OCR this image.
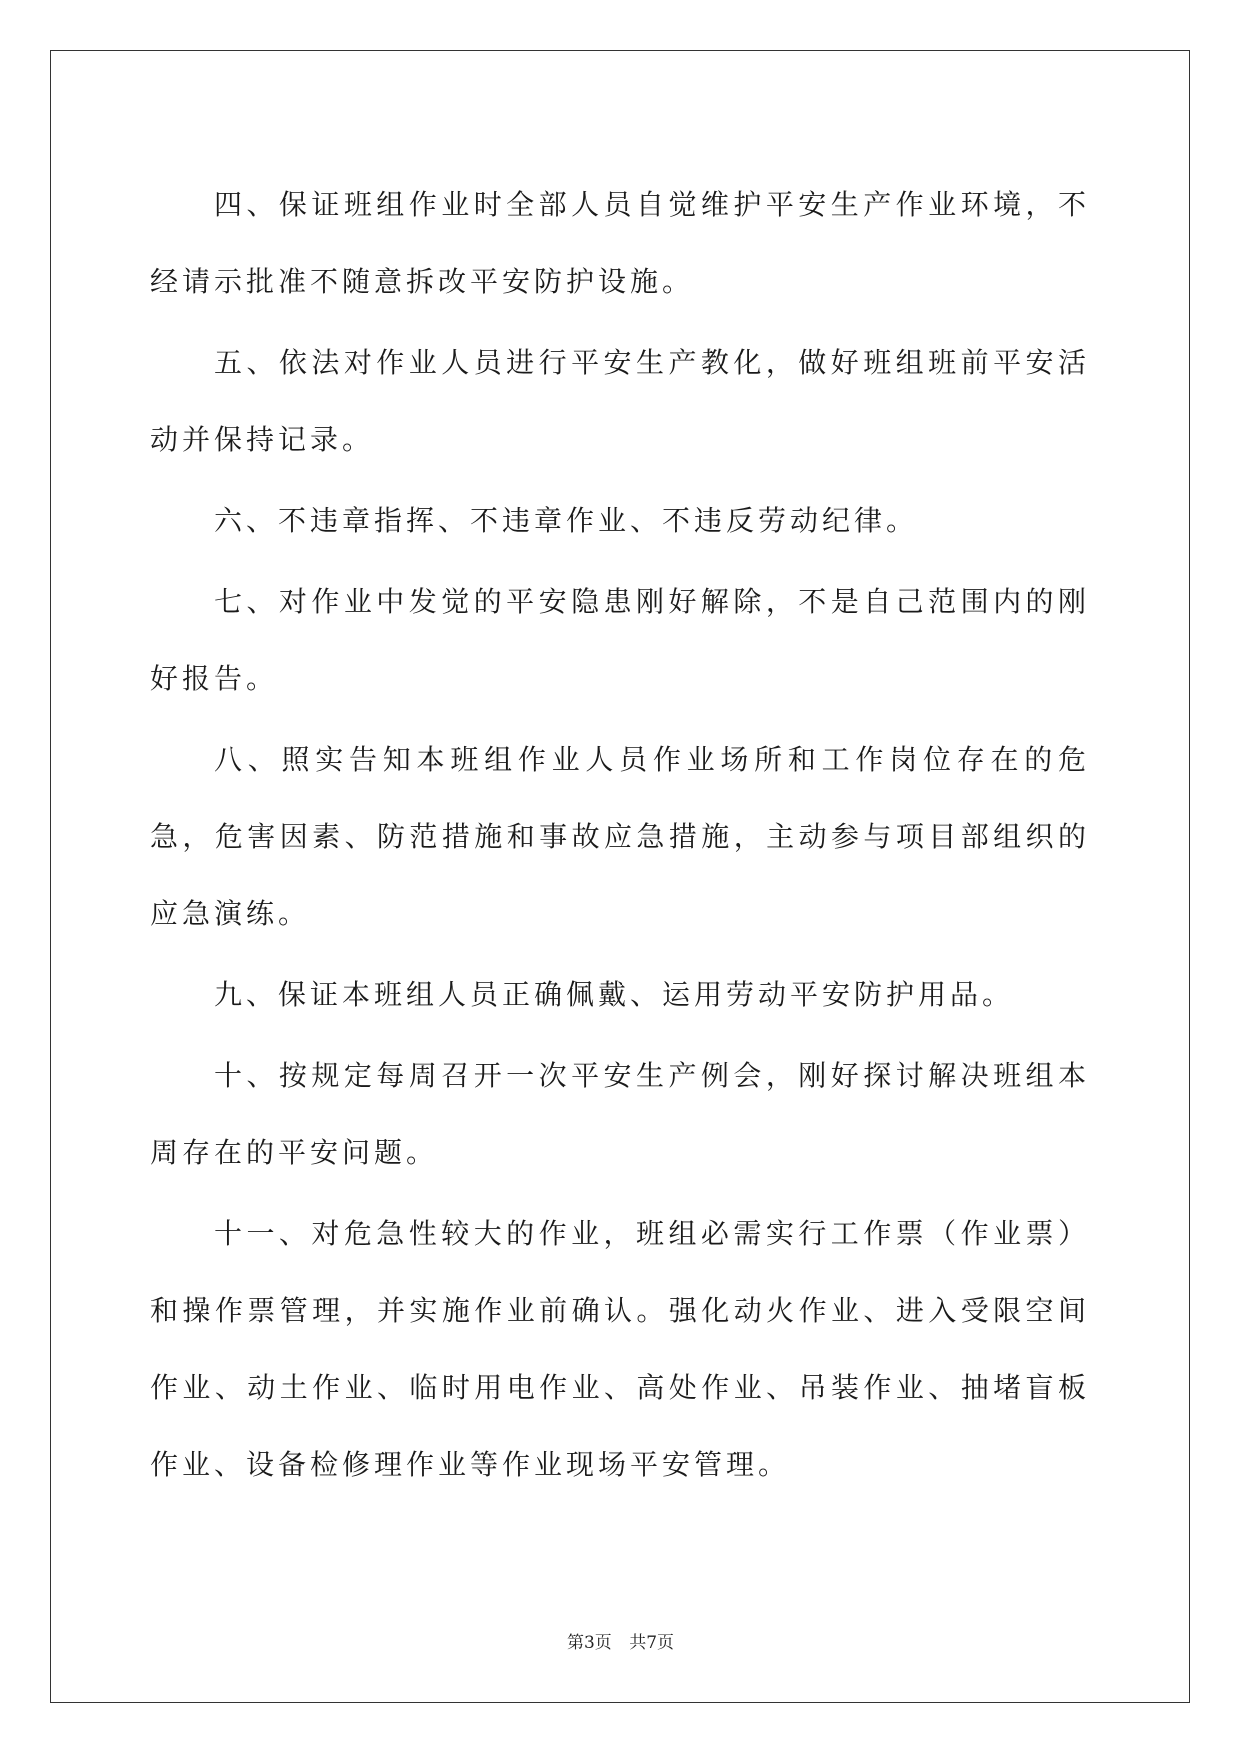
四、保证班组作业时全部人员自觉维护平安生产作业环境，不经请示批准不随意拆改平安防护设施。

五、依法对作业人员进行平安生产教化，做好班组班前平安活动并保持记录。

六、不违章指挥、不违章作业、不违反劳动纪律。

七、对作业中发觉的平安隐患刚好解除，不是自己范围内的刚好报告。

八、照实告知本班组作业人员作业场所和工作岗位存在的危急，危害因素、防范措施和事故应急措施，主动参与项目部组织的应急演练。

九、保证本班组人员正确佩戴、运用劳动平安防护用品。

十、按规定每周召开一次平安生产例会，刚好探讨解决班组本周存在的平安问题。

十一、对危急性较大的作业，班组必需实行工作票（作业票）和操作票管理，并实施作业前确认。强化动火作业、进入受限空间作业、动土作业、临时用电作业、高处作业、吊装作业、抽堵盲板作业、设备检修理作业等作业现场平安管理。

第3页 共7页
